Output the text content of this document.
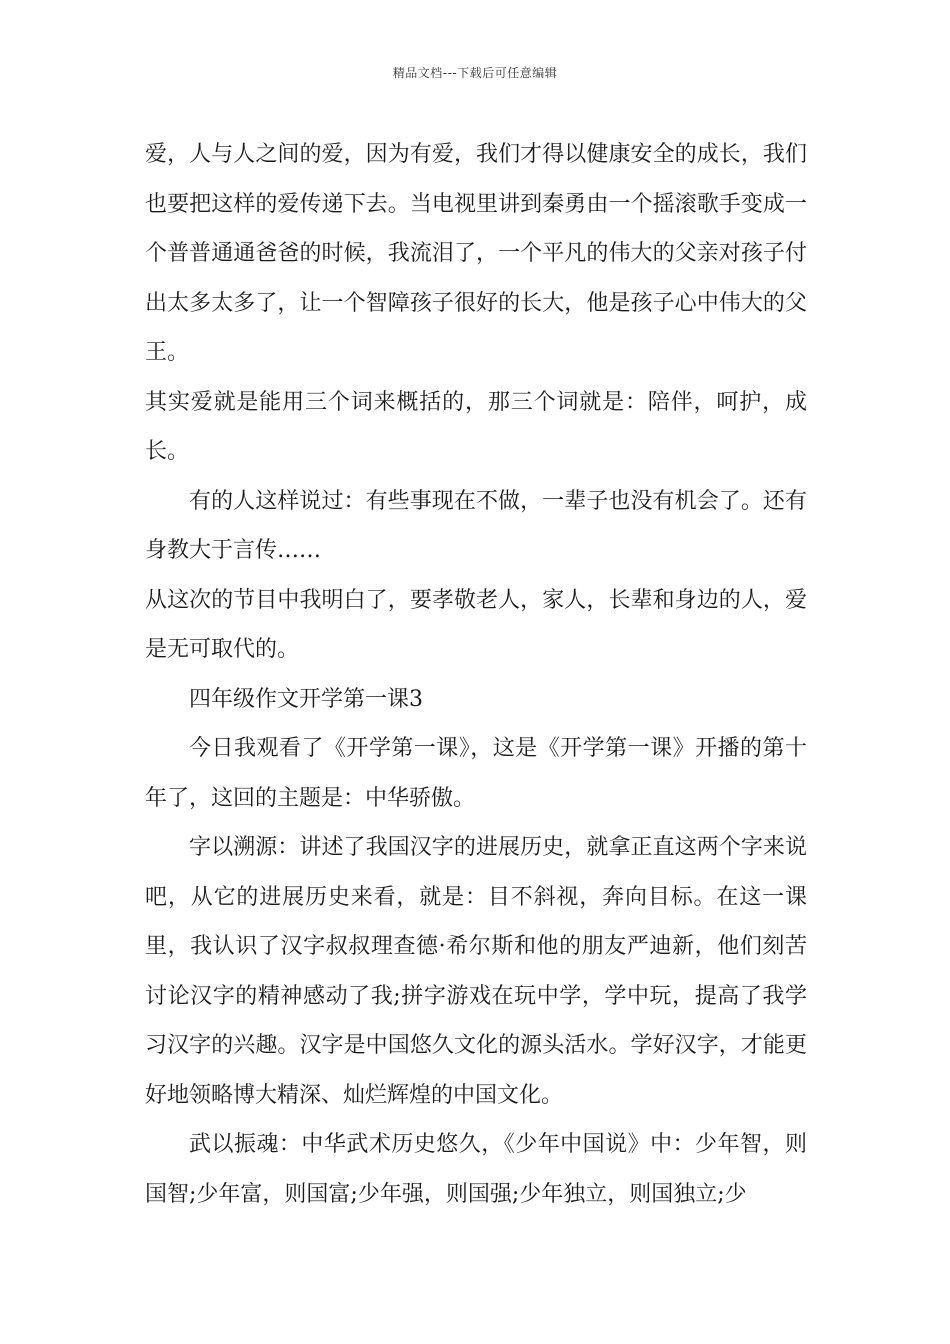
精品文档---下载后可任意编辑

爱，人与人之间的爱，因为有爱，我们才得以健康安全的成长，我们也要把这样的爱传递下去。当电视里讲到秦勇由一个摇滚歌手变成一个普普通通爸爸的时候，我流泪了，一个平凡的伟大的父亲对孩子付出太多太多了，让一个智障孩子很好的长大，他是孩子心中伟大的父王。

其实爱就是能用三个词来概括的，那三个词就是：陪伴，呵护，成长。

有的人这样说过：有些事现在不做，一辈子也没有机会了。还有身教大于言传……

从这次的节目中我明白了，要孝敬老人，家人，长辈和身边的人，爱是无可取代的。

四年级作文开学第一课3

今日我观看了《开学第一课》，这是《开学第一课》开播的第十年了，这回的主题是：中华骄傲。

字以溯源：讲述了我国汉字的进展历史，就拿正直这两个字来说吧，从它的进展历史来看，就是：目不斜视，奔向目标。在这一课里，我认识了汉字叔叔理查德·希尔斯和他的朋友严迪新，他们刻苦讨论汉字的精神感动了我;拼字游戏在玩中学，学中玩，提高了我学习汉字的兴趣。汉字是中国悠久文化的源头活水。学好汉字，才能更好地领略博大精深、灿烂辉煌的中国文化。

武以振魂：中华武术历史悠久，《少年中国说》中：少年智，则国智;少年富，则国富;少年强，则国强;少年独立，则国独立;少
